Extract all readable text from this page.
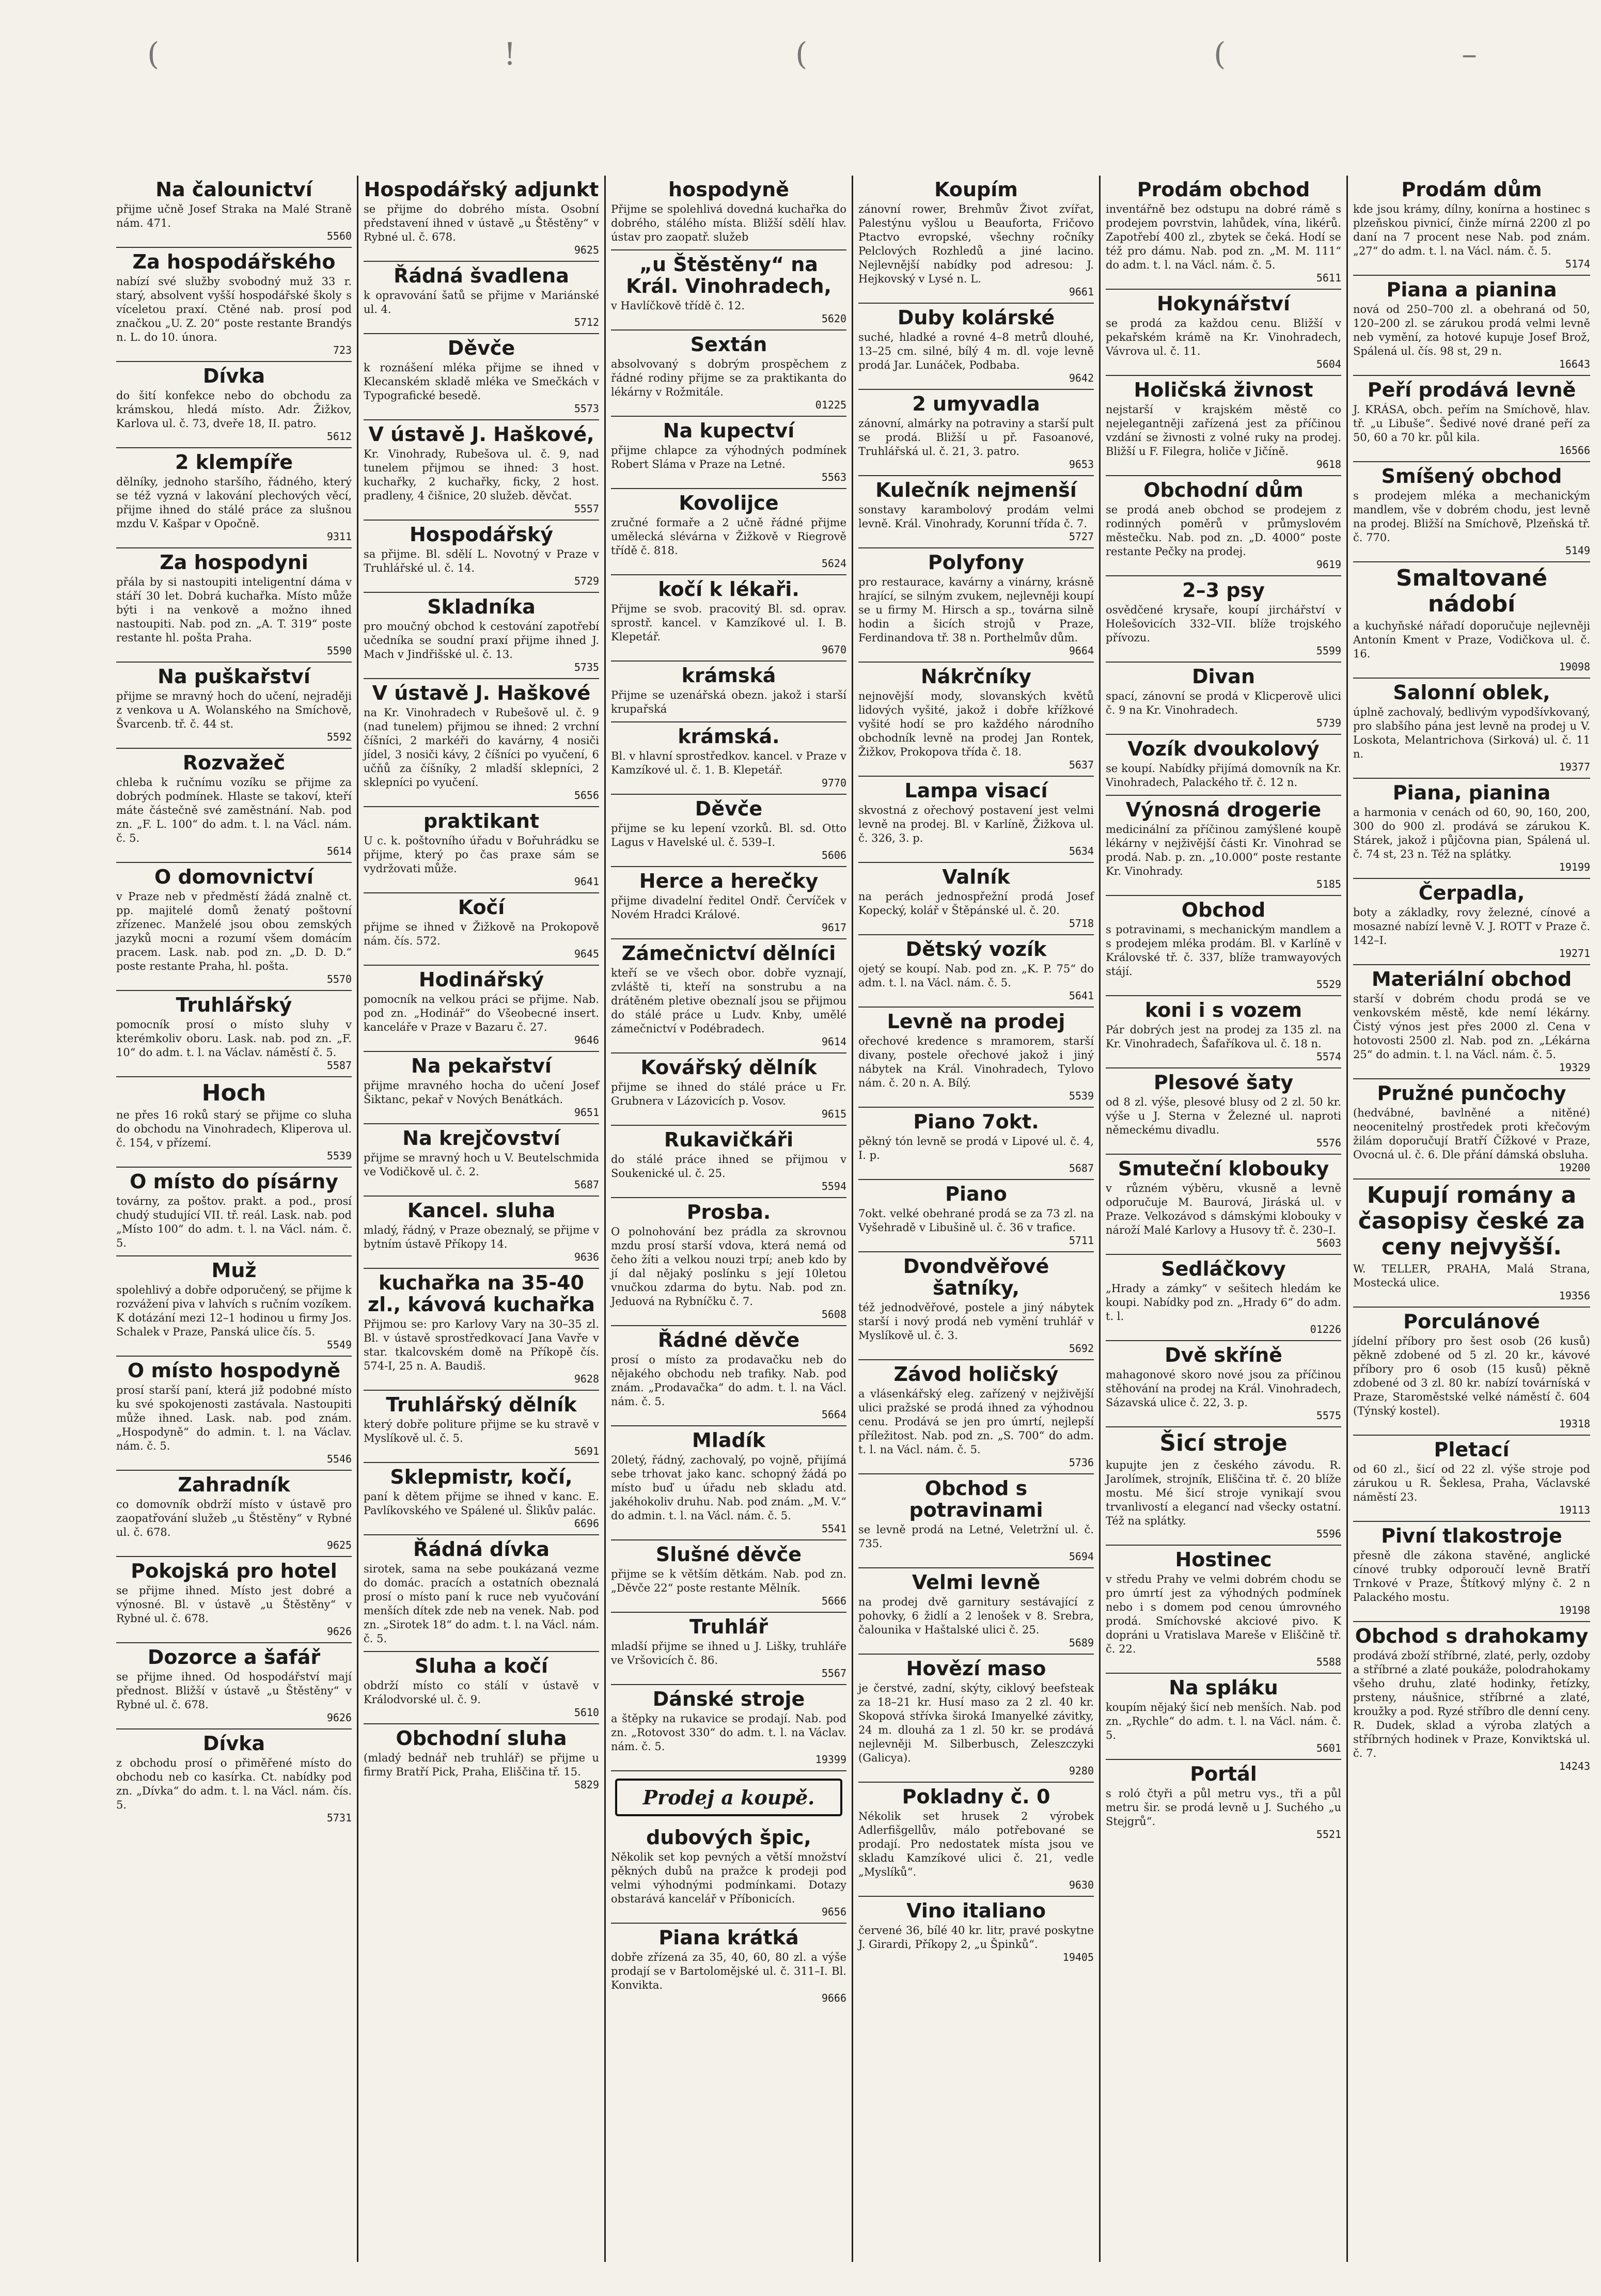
(	!	(	(	–
Na čalounictví

přijme učně Josef Straka na Malé Straně nám. 471.

5560
Za hospodářského

nabízí své služby svobodný muž 33 r. starý, absolvent vyšší hospodářské školy s víceletou praxí. Ctěné nab. prosí pod značkou „U. Z. 20“ poste restante Brandýs n. L. do 10. února.

723
Dívka

do šití konfekce nebo do obchodu za krámskou, hledá místo. Adr. Žižkov, Karlova ul. č. 73, dveře 18, II. patro.

5612
2 klempíře

dělníky, jednoho staršího, řádného, který se též vyzná v lakování plechových věcí, přijme ihned do stálé práce za slušnou mzdu V. Kašpar v Opočně.

9311
Za hospodyni

přála by si nastoupiti inteligentní dáma v stáří 30 let. Dobrá kuchařka. Místo může býti i na venkově a možno ihned nastoupiti. Nab. pod zn. „A. T. 319“ poste restante hl. pošta Praha.

5590
Na puškařství

přijme se mravný hoch do učení, nejraději z venkova u A. Wolanského na Smíchově, Švarcenb. tř. č. 44 st.

5592
Rozvažeč

chleba k ručnímu vozíku se přijme za dobrých podmínek. Hlaste se takoví, kteří máte částečně své zaměstnání. Nab. pod zn. „F. L. 100“ do adm. t. l. na Václ. nám. č. 5.

5614
O domovnictví

v Praze neb v předměstí žádá znalně ct. pp. majitelé domů ženatý poštovní zřízenec. Manželé jsou obou zemských jazyků mocni a rozumí všem domácím pracem. Lask. nab. pod zn. „D. D. D.“ poste restante Praha, hl. pošta.

5570
Truhlářský

pomocník prosí o místo sluhy v kterémkoliv oboru. Lask. nab. pod zn. „F. 10“ do adm. t. l. na Václav. náměstí č. 5.

5587
Hoch

ne přes 16 roků starý se přijme co sluha do obchodu na Vinohradech, Kliperova ul. č. 154, v přízemí.

5539
O místo do písárny

továrny, za poštov. prakt. a pod., prosí chudý studující VII. tř. reál. Lask. nab. pod „Místo 100“ do adm. t. l. na Václ. nám. č. 5.

Muž

spolehlivý a dobře odporučený, se přijme k rozvážení piva v lahvích s ručním vozíkem. K dotázání mezi 12–1 hodinou u firmy Jos. Schalek v Praze, Panská ulice čís. 5.

5549
O místo hospodyně

prosí starší paní, která již podobné místo ku své spokojenosti zastávala. Nastoupiti může ihned. Lask. nab. pod znám. „Hospodyně“ do admin. t. l. na Václav. nám. č. 5.

5546
Zahradník

co domovník obdrží místo v ústavě pro zaopatřování služeb „u Štěstěny“ v Rybné ul. č. 678.

9625
Pokojská pro hotel

se přijme ihned. Místo jest dobré a výnosné. Bl. v ústavě „u Štěstěny“ v Rybné ul. č. 678.

9626
Dozorce a šafář

se přijme ihned. Od hospodářství mají přednost. Bližší v ústavě „u Štěstěny“ v Rybné ul. č. 678.

9626
Dívka

z obchodu prosí o přiměřené místo do obchodu neb co kasírka. Ct. nabídky pod zn. „Dívka“ do adm. t. l. na Václ. nám. čís. 5.

5731
Hospodářský adjunkt

se přijme do dobrého místa. Osobní představení ihned v ústavě „u Štěstěny“ v Rybné ul. č. 678.

9625
Řádná švadlena

k opravování šatů se přijme v Mariánské ul. 4.

5712
Děvče

k roznášení mléka přijme se ihned v Klecanském skladě mléka ve Smečkách v Typografické besedě.

5573
V ústavě J. Haškové,

Kr. Vinohrady, Rubešova ul. č. 9, nad tunelem přijmou se ihned: 3 host. kuchařky, 2 kuchařky, ficky, 2 host. pradleny, 4 čišnice, 20 služeb. děvčat.

5557
Hospodářský

sa přijme. Bl. sdělí L. Novotný v Praze v Truhlářské ul. č. 14.

5729
Skladníka

pro moučný obchod k cestování zapotřebí učedníka se soudní praxí přijme ihned J. Mach v Jindřišské ul. č. 13.

5735
V ústavě J. Haškové

na Kr. Vinohradech v Rubešově ul. č. 9 (nad tunelem) přijmou se ihned: 2 vrchní číšníci, 2 markéři do kavárny, 4 nosiči jídel, 3 nosiči kávy, 2 číšníci po vyučení, 6 učňů za číšníky, 2 mladší sklepníci, 2 sklepníci po vyučení.

5656
praktikant

U c. k. poštovního úřadu v Bořuhrádku se přijme, který po čas praxe sám se vydržovati může.

9641
Kočí

přijme se ihned v Žižkově na Prokopově nám. čís. 572.

9645
Hodinářský

pomocník na velkou práci se přijme. Nab. pod zn. „Hodinář“ do Všeobecné insert. kanceláře v Praze v Bazaru č. 27.

9646
Na pekařství

přijme mravného hocha do učení Josef Šiktanc, pekař v Nových Benátkách.

9651
Na krejčovství

přijme se mravný hoch u V. Beutelschmida ve Vodičkově ul. č. 2.

5687
Kancel. sluha

mladý, řádný, v Praze obeznalý, se přijme v bytním ústavě Příkopy 14.

9636
kuchařka na 35-40 zl., kávová kuchařka

Přijmou se: pro Karlovy Vary na 30–35 zl. Bl. v ústavě sprostředkovací Jana Vavře v star. tkalcovském domě na Příkopě čís. 574-I, 25 n. A. Baudiš.

9628
Truhlářský dělník

který dobře politure přijme se ku stravě v Myslíkově ul. č. 5.

5691
Sklepmistr, kočí,

paní k dětem přijme se ihned v kanc. E. Pavlíkovského ve Spálené ul. Šlikův palác.

6696
Řádná dívka

sirotek, sama na sebe poukázaná vezme do domác. pracích a ostatních obeznalá prosí o místo paní k ruce neb vyučování menších dítek zde neb na venek. Nab. pod zn. „Sirotek 18“ do adm. t. l. na Václ. nám. č. 5.

Sluha a kočí

obdrží místo co stálí v ústavě v Králodvorské ul. č. 9.

5610
Obchodní sluha

(mladý bednář neb truhlář) se přijme u firmy Bratří Pick, Praha, Eliščina tř. 15.

5829
hospodyně

Přijme se spolehlivá dovedná kuchařka do dobrého, stálého místa. Bližší sdělí hlav. ústav pro zaopatř. služeb

„u Štěstěny“ na Král. Vinohradech,

v Havlíčkově třídě č. 12.

5620
Sextán

absolvovaný s dobrým prospěchem z řádné rodiny přijme se za praktikanta do lékárny v Rožmitále.

01225
Na kupectví

přijme chlapce za výhodných podmínek Robert Sláma v Praze na Letné.

5563
Kovolijce

zručné formaře a 2 učně řádné přijme umělecká slévárna v Žižkově v Riegrově třídě č. 818.

5624
kočí k lékaři.

Přijme se svob. pracovitý Bl. sd. oprav. sprostř. kancel. v Kamzíkové ul. I. B. Klepetář.

9670
krámská

Přijme se uzenářská obezn. jakož i starší krupařská

krámská.

Bl. v hlavní sprostředkov. kancel. v Praze v Kamzíkové ul. č. 1. B. Klepetář.

9770
Děvče

přijme se ku lepení vzorků. Bl. sd. Otto Lagus v Havelské ul. č. 539–I.

5606
Herce a herečky

přijme divadelní ředitel Ondř. Červíček v Novém Hradci Králové.

9617
Zámečnictví dělníci

kteří se ve všech obor. dobře vyznají, zvláště ti, kteří na sonstrubu a na drátěném pletive obeznalí jsou se přijmou do stálé práce u Ludv. Knby, umělé zámečnictví v Podébradech.

9614
Kovářský dělník

přijme se ihned do stálé práce u Fr. Grubnera v Lázovicích p. Vosov.

9615
Rukavičkáři

do stálé práce ihned se přijmou v Soukenické ul. č. 25.

5594
Prosba.

O polnohování bez prádla za skrovnou mzdu prosí starší vdova, která nemá od čeho žíti a velkou nouzi trpí; aneb kdo by jí dal nějaký poslínku s její 10letou vnučkou zdarma do bytu. Nab. pod zn. Jeduová na Rybníčku č. 7.

5608
Řádné děvče

prosí o místo za prodavačku neb do nějakého obchodu neb trafiky. Nab. pod znám. „Prodavačka“ do adm. t. l. na Václ. nám. č. 5.

5664
Mladík

20letý, řádný, zachovalý, po vojně, přijímá sebe trhovat jako kanc. schopný žádá po místo buď u úřadu neb skladu atd. jakéhokoliv druhu. Nab. pod znám. „M. V.“ do admin. t. l. na Václ. nám. č. 5.

5541
Slušné děvče

přijme se k větším dětkám. Nab. pod zn. „Děvče 22“ poste restante Mělník.

5666
Truhlář

mladší přijme se ihned u J. Lišky, truhláře ve Vršovicích č. 86.

5567
Dánské stroje

a štěpky na rukavice se prodají. Nab. pod zn. „Rotovost 330“ do adm. t. l. na Václav. nám. č. 5.

19399
Prodej a koupě.
dubových špic,

Několik set kop pevných a větší množství pěkných dubů na pražce k prodeji pod velmi výhodnými podmínkami. Dotazy obstarává kancelář v Příbonicích.

9656
Piana krátká

dobře zřízená za 35, 40, 60, 80 zl. a výše prodají se v Bartolomějské ul. č. 311–I. Bl. Konvikta.

9666
Koupím

zánovní rower, Brehmův Život zvířat, Palestýnu vyšlou u Beauforta, Fričovo Ptactvo evropské, všechny ročníky Pelclových Rozhledů a jiné lacino. Nejlevnější nabídky pod adresou: J. Hejkovský v Lysé n. L.

9661
Duby kolárské

suché, hladké a rovné 4–8 metrů dlouhé, 13–25 cm. silné, bílý 4 m. dl. voje levně prodá Jar. Lunáček, Podbaba.

9642
2 umyvadla

zánovní, almárky na potraviny a starší pult se prodá. Bližší u př. Fasoanové, Truhlářská ul. č. 21, 3. patro.

9653
Kulečník nejmenší

sonstavy karambolový prodám velmi levně. Král. Vinohrady, Korunní třída č. 7.

5727
Polyfony

pro restaurace, kavárny a vinárny, krásně hrající, se silným zvukem, nejlevněji koupí se u firmy M. Hirsch a sp., továrna silně hodin a šicích strojů v Praze, Ferdinandova tř. 38 n. Porthelmův dům.

9664
Nákrčníky

nejnovější mody, slovanských květů lidových vyšité, jakož i dobře křížkové vyšité hodí se pro každého národního obchodník levně na prodej Jan Rontek, Žižkov, Prokopova třída č. 18.

5637
Lampa visací

skvostná z ořechový postavení jest velmi levně na prodej. Bl. v Karlíně, Žižkova ul. č. 326, 3. p.

5634
Valník

na perách jednospřežní prodá Josef Kopecký, kolář v Štěpánské ul. č. 20.

5718
Dětský vozík

ojetý se koupí. Nab. pod zn. „K. P. 75“ do adm. t. l. na Václ. nám. č. 5.

5641
Levně na prodej

ořechové kredence s mramorem, starší divany, postele ořechové jakož i jiný nábytek na Král. Vinohradech, Tylovo nám. č. 20 n. A. Bílý.

5539
Piano 7okt.

pěkný tón levně se prodá v Lipové ul. č. 4, I. p.

5687
Piano

7okt. velké obehrané prodá se za 73 zl. na Vyšehradě v Libušině ul. č. 36 v trafice.

5711
Dvondvěřové šatníky,

též jednodvěřové, postele a jiný nábytek starší i nový prodá neb vymění truhlář v Myslíkově ul. č. 3.

5692
Závod holičský

a vlásenkářský eleg. zařízený v nejživější ulici pražské se prodá ihned za výhodnou cenu. Prodává se jen pro úmrtí, nejlepší příležitost. Nab. pod zn. „S. 700“ do adm. t. l. na Václ. nám. č. 5.

5736
Obchod s potravinami

se levně prodá na Letné, Veletržní ul. č. 735.

5694
Velmi levně

na prodej dvě garnitury sestávající z pohovky, 6 židlí a 2 lenošek v 8. Srebra, čalounika v Haštalské ulici č. 25.

5689
Hovězí maso

je čerstvé, zadní, skýty, ciklový beefsteak za 18–21 kr. Husí maso za 2 zl. 40 kr. Skopová střívka široká Imanyelké závitky, 24 m. dlouhá za 1 zl. 50 kr. se prodává nejlevněji M. Silberbusch, Zeleszczyki (Galicya).

9280
Pokladny č. 0

Nékolik set hrusek 2 výrobek Adlerfišgellův, málo potřebované se prodají. Pro nedostatek místa jsou ve skladu Kamzíkové ulici č. 21, vedle „Myslíků“.

9630
Vino italiano

červené 36, bílé 40 kr. litr, pravé poskytne J. Girardi, Příkopy 2, „u Špinků“.

19405
Prodám obchod

inventářně bez odstupu na dobré rámě s prodejem povrstvin, lahůdek, vína, likérů. Zapotřebí 400 zl., zbytek se čeká. Hodí se též pro dámu. Nab. pod zn. „M. M. 111“ do adm. t. l. na Václ. nám. č. 5.

5611
Hokynářství

se prodá za každou cenu. Bližší v pekařském krámě na Kr. Vinohradech, Vávrova ul. č. 11.

5604
Holičská živnost

nejstarší v krajském městě co nejelegantněji zařízená jest za příčinou vzdání se živnosti z volné ruky na prodej. Bližší u F. Filegra, holiče v Jičíně.

9618
Obchodní dům

se prodá aneb obchod se prodejem z rodinných poměrů v průmyslovém městečku. Nab. pod zn. „D. 4000“ poste restante Pečky na prodej.

9619
2–3 psy

osvědčené krysaře, koupí jirchářství v Holešovicích 332–VII. blíže trojského přívozu.

5599
Divan

spací, zánovní se prodá v Klicperově ulici č. 9 na Kr. Vinohradech.

5739
Vozík dvoukolový

se koupí. Nabídky přijímá domovník na Kr. Vinohradech, Palackého tř. č. 12 n.

Výnosná drogerie

medicinální za příčinou zamýšlené koupě lékárny v nejživější části Kr. Vinohrad se prodá. Nab. p. zn. „10.000“ poste restante Kr. Vinohrady.

5185
Obchod

s potravinami, s mechanickým mandlem a s prodejem mléka prodám. Bl. v Karlíně v Královské tř. č. 337, blíže tramwayových stájí.

5529
koni i s vozem

Pár dobrých jest na prodej za 135 zl. na Kr. Vinohradech, Šafaříkova ul. č. 18 n.

5574
Plesové šaty

od 8 zl. výše, plesové blusy od 2 zl. 50 kr. výše u J. Sterna v Železné ul. naproti německému divadlu.

5576
Smuteční klobouky

v různém výběru, vkusně a levně odporučuje M. Baurová, Jiráská ul. v Praze. Velkozávod s dámskými klobouky v nároží Malé Karlovy a Husovy tř. č. 230–I.

5603
Sedláčkovy

„Hrady a zámky“ v sešitech hledám ke koupi. Nabídky pod zn. „Hrady 6“ do adm. t. l.

01226
Dvě skříně

mahagonové skoro nové jsou za příčinou stěhování na prodej na Král. Vinohradech, Sázavská ulice č. 22, 3. p.

5575
Šicí stroje

kupujte jen z českého závodu. R. Jarolímek, strojník, Eliščina tř. č. 20 blíže mostu. Mé šicí stroje vynikají svou trvanlivostí a elegancí nad všecky ostatní. Též na splátky.

5596
Hostinec

v středu Prahy ve velmi dobrém chodu se pro úmrtí jest za výhodných podmínek nebo i s domem pod cenou úmrovného prodá. Smíchovské akciové pivo. K dopráni u Vratislava Mareše v Eliščině tř. č. 22.

5588
Na spláku

koupím nějaký šicí neb menších. Nab. pod zn. „Rychle“ do adm. t. l. na Václ. nám. č. 5.

5601
Portál

s roló čtyři a půl metru vys., tři a půl metru šir. se prodá levně u J. Suchého „u Stejgrů“.

5521
Prodám dům

kde jsou krámy, dílny, konírna a hostinec s plzeňskou pivnicí, činže mírná 2200 zl po daní na 7 procent nese Nab. pod znám. „27“ do adm. t. l. na Václ. nám. č. 5.

5174
Piana a pianina

nová od 250–700 zl. a obehraná od 50, 120–200 zl. se zárukou prodá velmi levně neb vymění, za hotové kupuje Josef Brož, Spálená ul. čís. 98 st, 29 n.

16643
Peří prodává levně

J. KRÁSA, obch. peřím na Smíchově, hlav. tř. „u Libuše“. Šedivé nové drané peří za 50, 60 a 70 kr. půl kila.

16566
Smíšený obchod

s prodejem mléka a mechanickým mandlem, vše v dobrém chodu, jest levně na prodej. Bližší na Smíchově, Plzeňská tř. č. 770.

5149
Smaltované nádobí

a kuchyňské nářadí doporučuje nejlevněji Antonín Kment v Praze, Vodičkova ul. č. 16.

19098
Salonní oblek,

úplně zachovalý, bedlivým vypodšívkovaný, pro slabšího pána jest levně na prodej u V. Loskota, Melantrichova (Sirková) ul. č. 11 n.

19377
Piana, pianina

a harmonia v cenách od 60, 90, 160, 200, 300 do 900 zl. prodává se zárukou K. Stárek, jakož i půjčovna pian, Spálená ul. č. 74 st, 23 n. Též na splátky.

19199
Čerpadla,

boty a základky, rovy železné, cínové a mosazné nabízí levně V. J. ROTT v Praze č. 142–I.

19271
Materiální obchod

starší v dobrém chodu prodá se ve venkovském městě, kde nemí lékárny. Čistý výnos jest přes 2000 zl. Cena v hotovosti 2500 zl. Nab. pod zn. „Lékárna 25“ do admin. t. l. na Václ. nám. č. 5.

19329
Pružné punčochy

(hedvábné, bavlněné a nitěné) neocenitelný prostředek proti křečovým žilám doporučují Bratří Čížkové v Praze, Ovocná ul. č. 6. Dle přání dámská obsluha.

19200
Kupují romány a časopisy české za ceny nejvyšší.

W. TELLER, PRAHA, Malá Strana, Mostecká ulice.

19356
Porculánové

jídelní příbory pro šest osob (26 kusů) pěkně zdobené od 5 zl. 20 kr., kávové příbory pro 6 osob (15 kusů) pěkně zdobené od 3 zl. 80 kr. nabízí továrníská v Praze, Staroměstské velké náměstí č. 604 (Týnský kostel).

19318
Pletací

od 60 zl., šicí od 22 zl. výše stroje pod zárukou u R. Šeklesa, Praha, Václavské náměstí 23.

19113
Pivní tlakostroje

přesně dle zákona stavěné, anglické cínové trubky odporoučí levně Bratří Trnkové v Praze, Štítkový mlýny č. 2 n Palackého mostu.

19198
Obchod s drahokamy

prodává zboží stříbrné, zlaté, perly, ozdoby a stříbrné a zlaté poukáže, polodrahokamy všeho druhu, zlaté hodinky, řetízky, prsteny, náušnice, stříbrné a zlaté, kroužky a pod. Ryzé stříbro dle denní ceny. R. Dudek, sklad a výroba zlatých a stříbrných hodinek v Praze, Konviktská ul. č. 7.

14243
